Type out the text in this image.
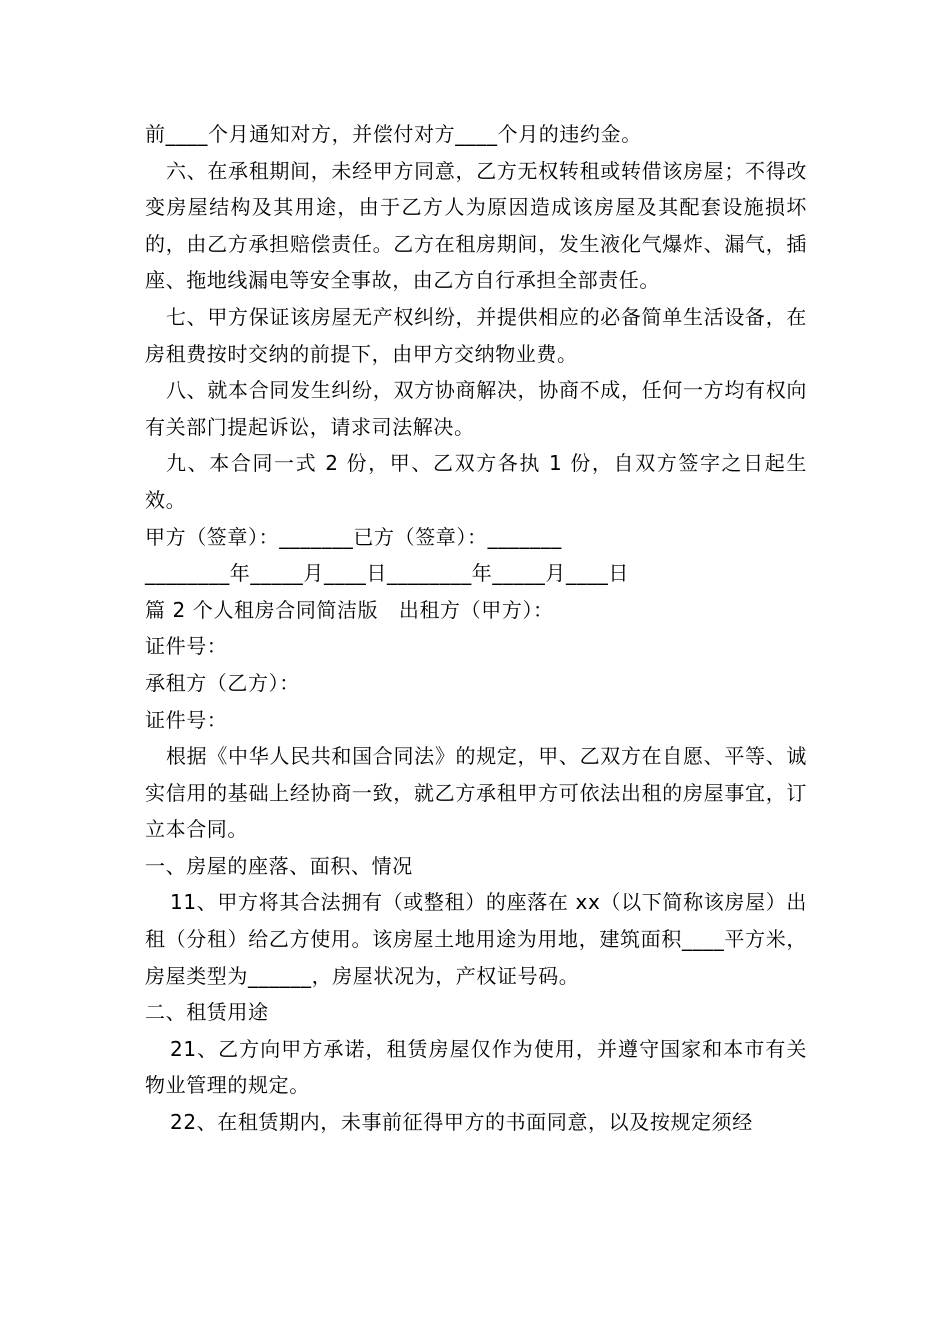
前____个月通知对方，并偿付对方____个月的违约金。

六、在承租期间，未经甲方同意，乙方无权转租或转借该房屋；不得改变房屋结构及其用途，由于乙方人为原因造成该房屋及其配套设施损坏的，由乙方承担赔偿责任。乙方在租房期间，发生液化气爆炸、漏气，插座、拖地线漏电等安全事故，由乙方自行承担全部责任。

七、甲方保证该房屋无产权纠纷，并提供相应的必备简单生活设备，在房租费按时交纳的前提下，由甲方交纳物业费。

八、就本合同发生纠纷，双方协商解决，协商不成，任何一方均有权向有关部门提起诉讼，请求司法解决。

九、本合同一式 2 份，甲、乙双方各执 1 份，自双方签字之日起生效。

甲方（签章）：_______已方（签章）：_______

________年_____月____日________年_____月____日

篇 2 个人租房合同简洁版　出租方（甲方）：

证件号：

承租方（乙方）：

证件号：

根据《中华人民共和国合同法》的规定，甲、乙双方在自愿、平等、诚实信用的基础上经协商一致，就乙方承租甲方可依法出租的房屋事宜，订立本合同。

一、房屋的座落、面积、情况

11、甲方将其合法拥有（或整租）的座落在 xx（以下简称该房屋）出租（分租）给乙方使用。该房屋土地用途为用地，建筑面积____平方米，房屋类型为______，房屋状况为，产权证号码。

二、租赁用途

21、乙方向甲方承诺，租赁房屋仅作为使用，并遵守国家和本市有关物业管理的规定。

22、在租赁期内，未事前征得甲方的书面同意，以及按规定须经
